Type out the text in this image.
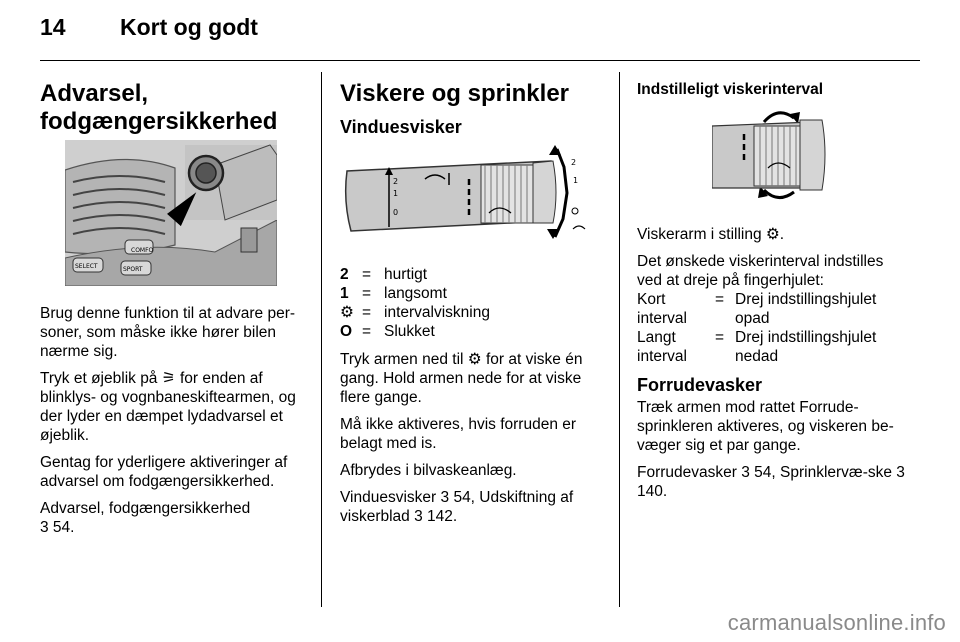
14 Kort og godt
Advarsel,
fodgængersikkerhed
COMFO
SPORT
SELECT
Brug denne funktion til at advare per-soner, som måske ikke hører bilen nærme sig.
Tryk et øjeblik på ⚞ for enden af blinklys- og vognbaneskiftearmen, og der lyder en dæmpet lydadvarsel et øjeblik.
Gentag for yderligere aktiveringer af advarsel om fodgængersikkerhed.
Advarsel, fodgængersikkerhed
3 54.
Viskere og sprinkler
Vinduesvisker
2
1
0
2
1
2 = hurtigt
1 = langsomt
⚙ = intervalviskning
O = Slukket
Tryk armen ned til ⚙ for at viske én gang. Hold armen nede for at viske flere gange.
Må ikke aktiveres, hvis forruden er belagt med is.
Afbrydes i bilvaskeanlæg.
Vinduesvisker 3 54, Udskiftning af viskerblad 3 142.
Indstilleligt viskerinterval
Viskerarm i stilling ⚙.
Det ønskede viskerinterval indstilles ved at dreje på fingerhjulet:
Kort interval
= Drej indstillingshjulet opad
Langt interval
= Drej indstillingshjulet nedad
Forrudevasker
Træk armen mod rattet Forrude-sprinkleren aktiveres, og viskeren be-væger sig et par gange.
Forrudevasker 3 54, Sprinklervæ-ske 3 140.
carmanualsonline.info
